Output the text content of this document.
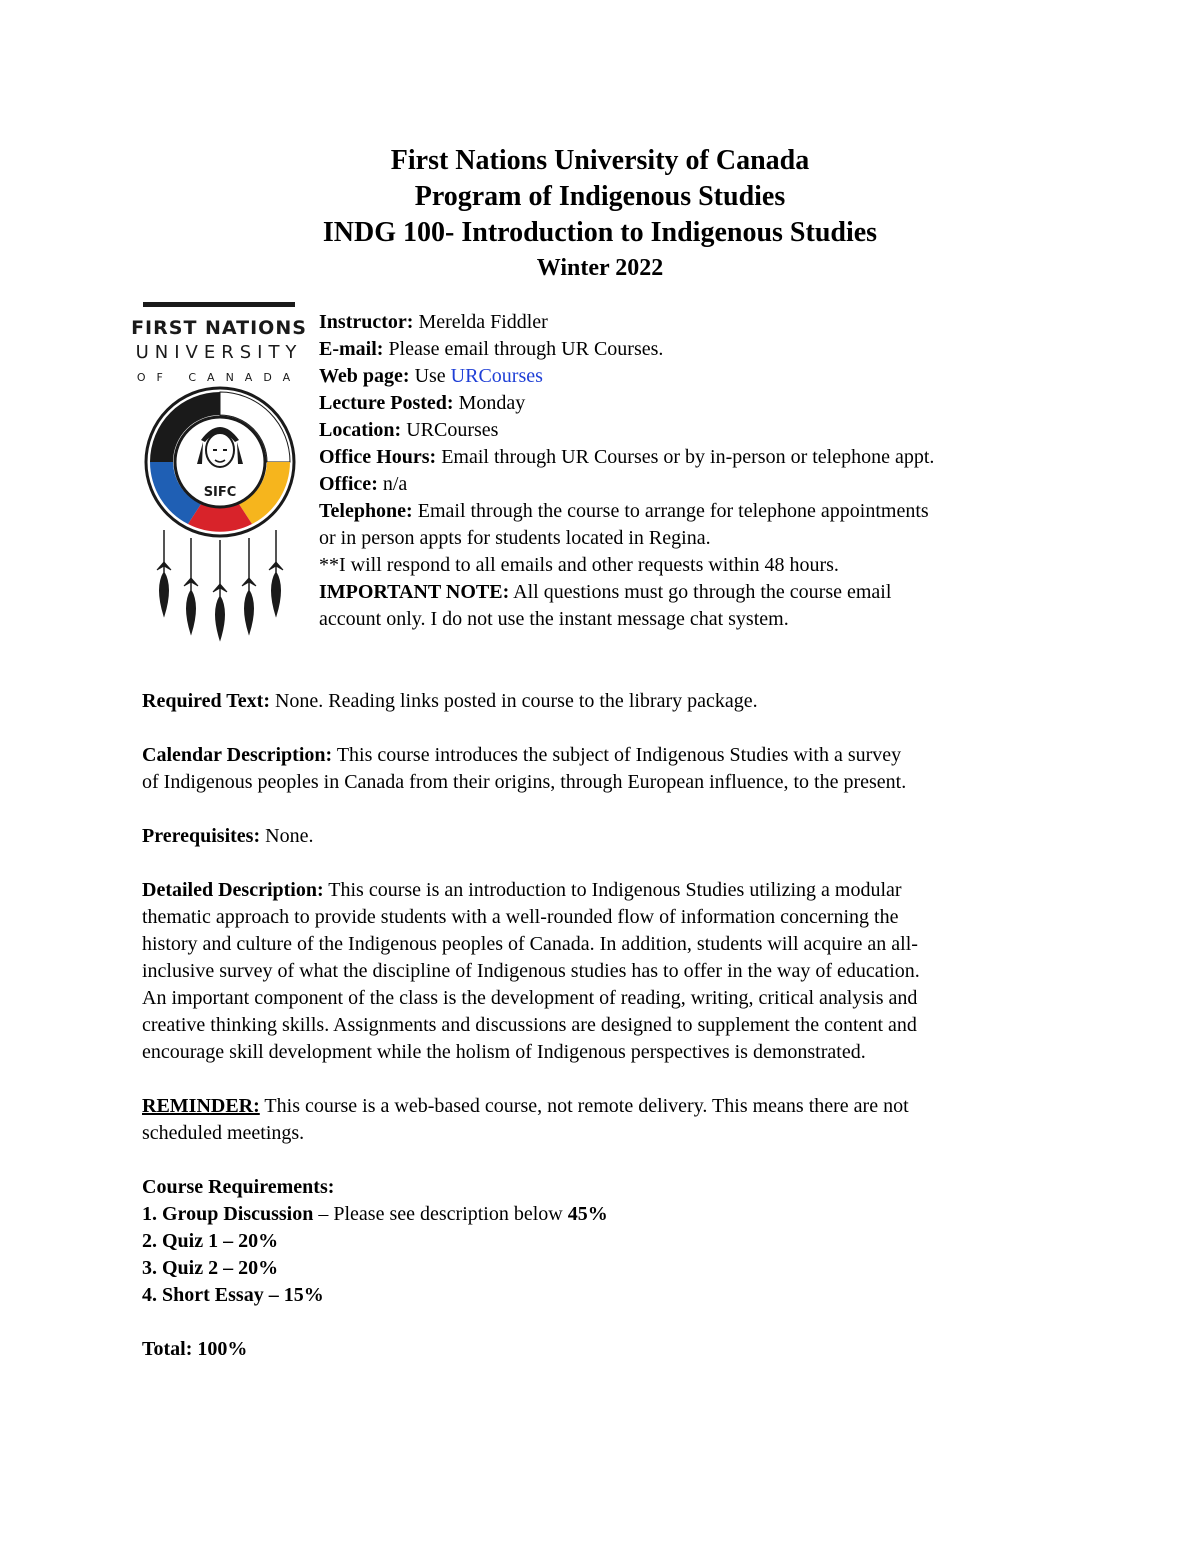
First Nations University of Canada
Program of Indigenous Studies
INDG 100- Introduction to Indigenous Studies
Winter 2022
FIRST NATIONS
UNIVERSITY
OF CANADA
SIFC
Instructor: Merelda Fiddler
E-mail: Please email through UR Courses.
Web page: Use URCourses
Lecture Posted: Monday
Location: URCourses
Office Hours: Email through UR Courses or by in-person or telephone appt.
Office: n/a
Telephone: Email through the course to arrange for telephone appointments
or in person appts for students located in Regina.
**I will respond to all emails and other requests within 48 hours.
IMPORTANT NOTE: All questions must go through the course email
account only. I do not use the instant message chat system.
Required Text: None. Reading links posted in course to the library package.
Calendar Description: This course introduces the subject of Indigenous Studies with a survey
of Indigenous peoples in Canada from their origins, through European influence, to the present.
Prerequisites: None.
Detailed Description: This course is an introduction to Indigenous Studies utilizing a modular
thematic approach to provide students with a well-rounded flow of information concerning the
history and culture of the Indigenous peoples of Canada. In addition, students will acquire an all-
inclusive survey of what the discipline of Indigenous studies has to offer in the way of education.
An important component of the class is the development of reading, writing, critical analysis and
creative thinking skills. Assignments and discussions are designed to supplement the content and
encourage skill development while the holism of Indigenous perspectives is demonstrated.
REMINDER: This course is a web-based course, not remote delivery. This means there are not
scheduled meetings.
Course Requirements:
1. Group Discussion – Please see description below 45%
2. Quiz 1 – 20%
3. Quiz 2 – 20%
4. Short Essay – 15%
Total: 100%
